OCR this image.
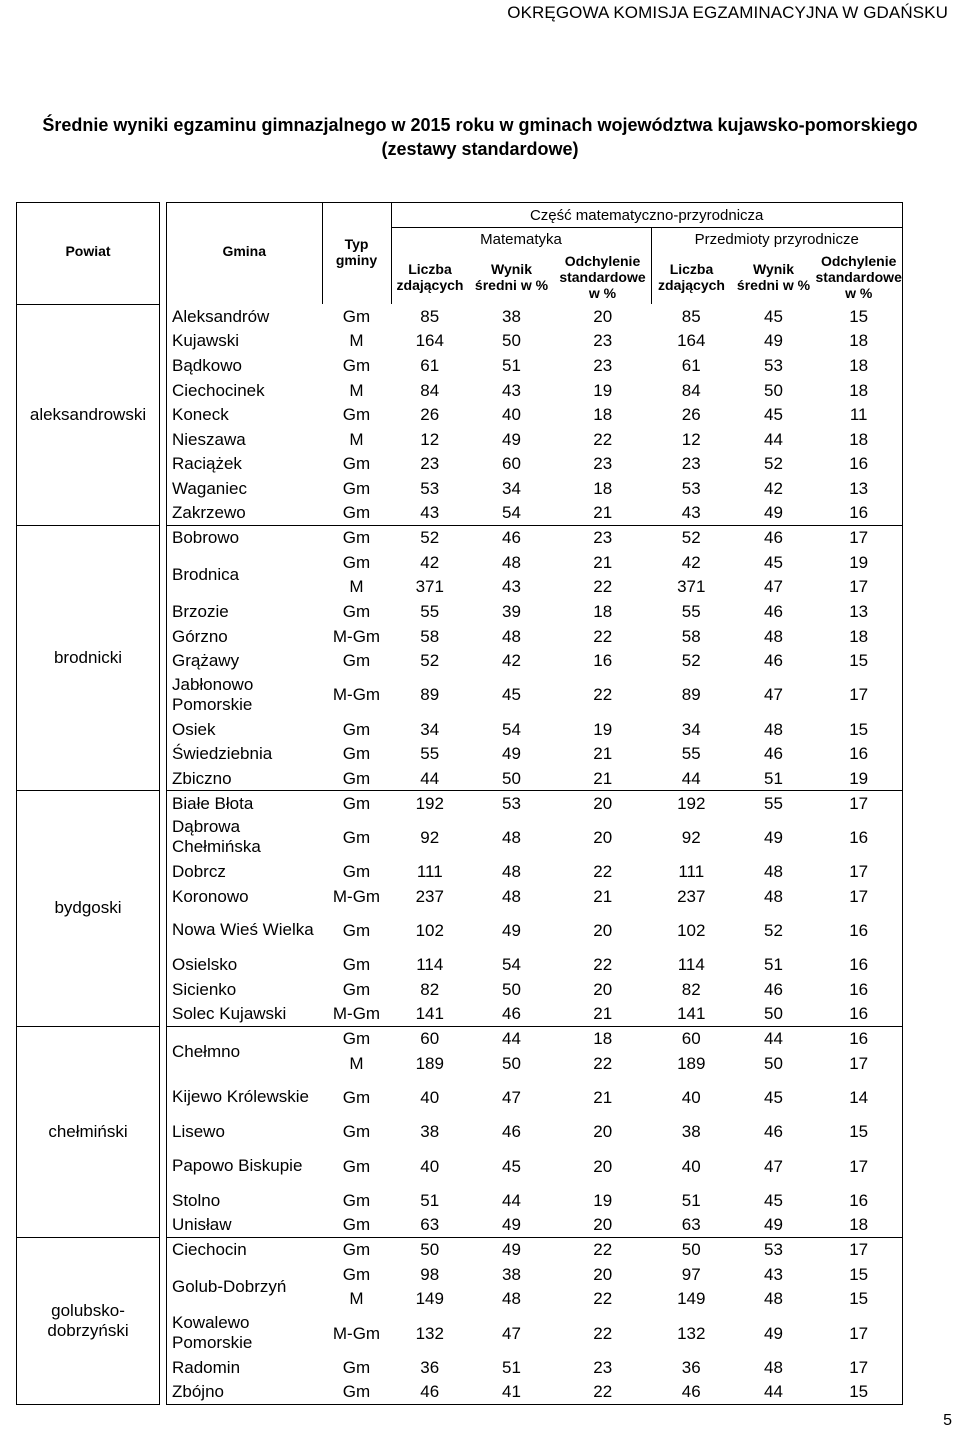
OKRĘGOWA KOMISJA EGZAMINACYJNA W GDAŃSKU
Średnie wyniki egzaminu gimnazjalnego w 2015 roku w gminach województwa kujawsko-pomorskiego
(zestawy standardowe)
Powiat		Gmina	Typ gminy	Część matematyczno-przyrodnicza					
				Matematyka			Przedmioty przyrodnicze		
				Liczba zdających	Wynik średni w %	Odchylenie standardowe w %	Liczba zdających	Wynik średni w %	Odchylenie standardowe w %
aleksandrowski		Aleksandrów Kujawski	Gm	85	38	20	85	45	15
			M	164	50	23	164	49	18
		Bądkowo	Gm	61	51	23	61	53	18
		Ciechocinek	M	84	43	19	84	50	18
		Koneck	Gm	26	40	18	26	45	11
		Nieszawa	M	12	49	22	12	44	18
		Raciążek	Gm	23	60	23	23	52	16
		Waganiec	Gm	53	34	18	53	42	13
		Zakrzewo	Gm	43	54	21	43	49	16
brodnicki		Bobrowo	Gm	52	46	23	52	46	17
		Brodnica	Gm	42	48	21	42	45	19
			M	371	43	22	371	47	17
		Brzozie	Gm	55	39	18	55	46	13
		Górzno	M-Gm	58	48	22	58	48	18
		Grążawy	Gm	52	42	16	52	46	15
		Jabłonowo Pomorskie	M-Gm	89	45	22	89	47	17
		Osiek	Gm	34	54	19	34	48	15
		Świedziebnia	Gm	55	49	21	55	46	16
		Zbiczno	Gm	44	50	21	44	51	19
bydgoski		Białe Błota	Gm	192	53	20	192	55	17
		Dąbrowa Chełmińska	Gm	92	48	20	92	49	16
		Dobrcz	Gm	111	48	22	111	48	17
		Koronowo	M-Gm	237	48	21	237	48	17
		Nowa Wieś Wielka	Gm	102	49	20	102	52	16
		Osielsko	Gm	114	54	22	114	51	16
		Sicienko	Gm	82	50	20	82	46	16
		Solec Kujawski	M-Gm	141	46	21	141	50	16
chełmiński		Chełmno	Gm	60	44	18	60	44	16
			M	189	50	22	189	50	17
		Kijewo Królewskie	Gm	40	47	21	40	45	14
		Lisewo	Gm	38	46	20	38	46	15
		Papowo Biskupie	Gm	40	45	20	40	47	17
		Stolno	Gm	51	44	19	51	45	16
		Unisław	Gm	63	49	20	63	49	18
golubsko-dobrzyński		Ciechocin	Gm	50	49	22	50	53	17
		Golub-Dobrzyń	Gm	98	38	20	97	43	15
			M	149	48	22	149	48	15
		Kowalewo Pomorskie	M-Gm	132	47	22	132	49	17
		Radomin	Gm	36	51	23	36	48	17
		Zbójno	Gm	46	41	22	46	44	15
5
